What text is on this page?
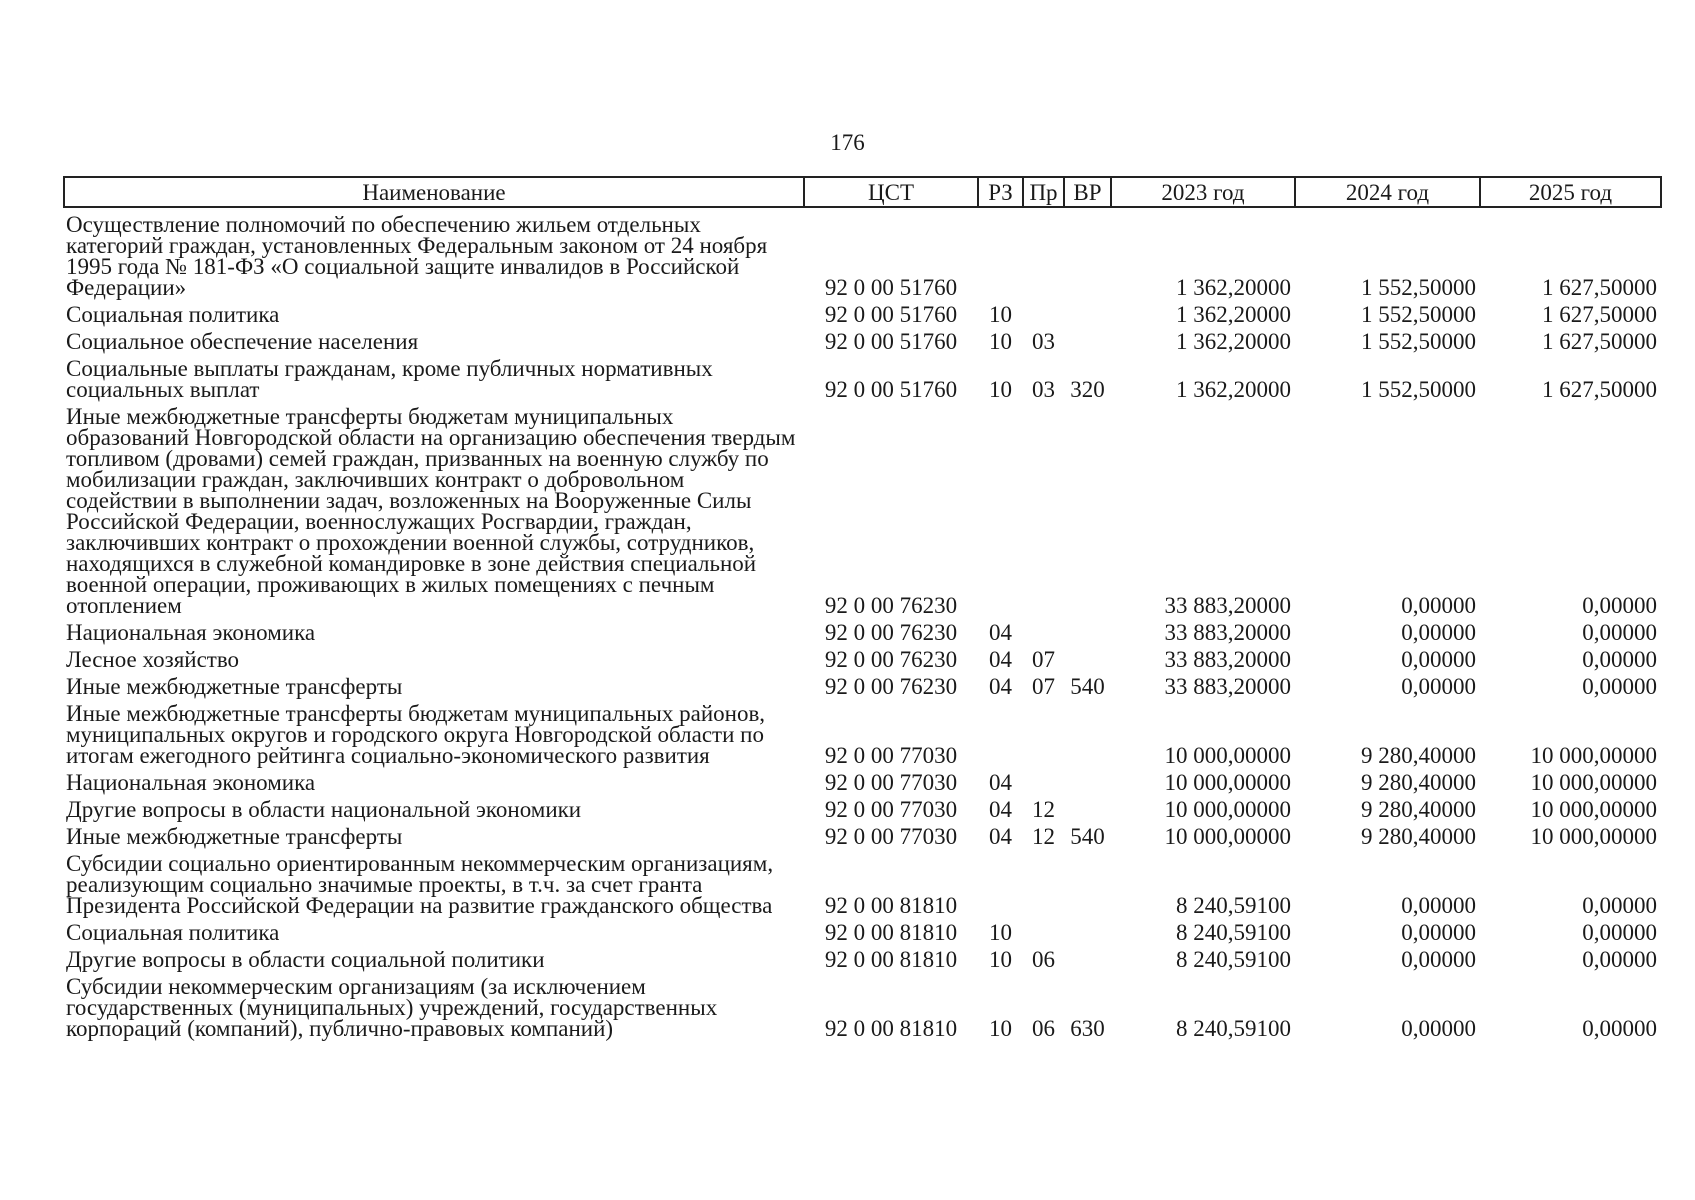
176
Наименование	ЦСТ	РЗ	Пр	ВР	2023 год	2024 год	2025 год
Осуществление полномочий по обеспечению жильем отдельных категорий граждан, установленных Федеральным законом от 24 ноября 1995 года № 181-ФЗ «О социальной защите инвалидов в Российской Федерации»	92 0 00 51760				1 362,20000	1 552,50000	1 627,50000
Социальная политика	92 0 00 51760	10			1 362,20000	1 552,50000	1 627,50000
Социальное обеспечение населения	92 0 00 51760	10	03		1 362,20000	1 552,50000	1 627,50000
Социальные выплаты гражданам, кроме публичных нормативных социальных выплат	92 0 00 51760	10	03	320	1 362,20000	1 552,50000	1 627,50000
Иные межбюджетные трансферты бюджетам муниципальных образований Новгородской области на организацию обеспечения твердым топливом (дровами) семей граждан, призванных на военную службу по мобилизации граждан, заключивших контракт о добровольном содействии в выполнении задач, возложенных на Вооруженные Силы Российской Федерации, военнослужащих Росгвардии, граждан, заключивших контракт о прохождении военной службы, сотрудников, находящихся в служебной командировке в зоне действия специальной военной операции, проживающих в жилых помещениях с печным отоплением	92 0 00 76230				33 883,20000	0,00000	0,00000
Национальная экономика	92 0 00 76230	04			33 883,20000	0,00000	0,00000
Лесное хозяйство	92 0 00 76230	04	07		33 883,20000	0,00000	0,00000
Иные межбюджетные трансферты	92 0 00 76230	04	07	540	33 883,20000	0,00000	0,00000
Иные межбюджетные трансферты бюджетам муниципальных районов, муниципальных округов и городского округа Новгородской области по итогам ежегодного рейтинга социально-экономического развития	92 0 00 77030				10 000,00000	9 280,40000	10 000,00000
Национальная экономика	92 0 00 77030	04			10 000,00000	9 280,40000	10 000,00000
Другие вопросы в области национальной экономики	92 0 00 77030	04	12		10 000,00000	9 280,40000	10 000,00000
Иные межбюджетные трансферты	92 0 00 77030	04	12	540	10 000,00000	9 280,40000	10 000,00000
Субсидии социально ориентированным некоммерческим организациям, реализующим социально значимые проекты, в т.ч. за счет гранта Президента Российской Федерации на развитие гражданского общества	92 0 00 81810				8 240,59100	0,00000	0,00000
Социальная политика	92 0 00 81810	10			8 240,59100	0,00000	0,00000
Другие вопросы в области социальной политики	92 0 00 81810	10	06		8 240,59100	0,00000	0,00000
Субсидии некоммерческим организациям (за исключением государственных (муниципальных) учреждений, государственных корпораций (компаний), публично-правовых компаний)	92 0 00 81810	10	06	630	8 240,59100	0,00000	0,00000
